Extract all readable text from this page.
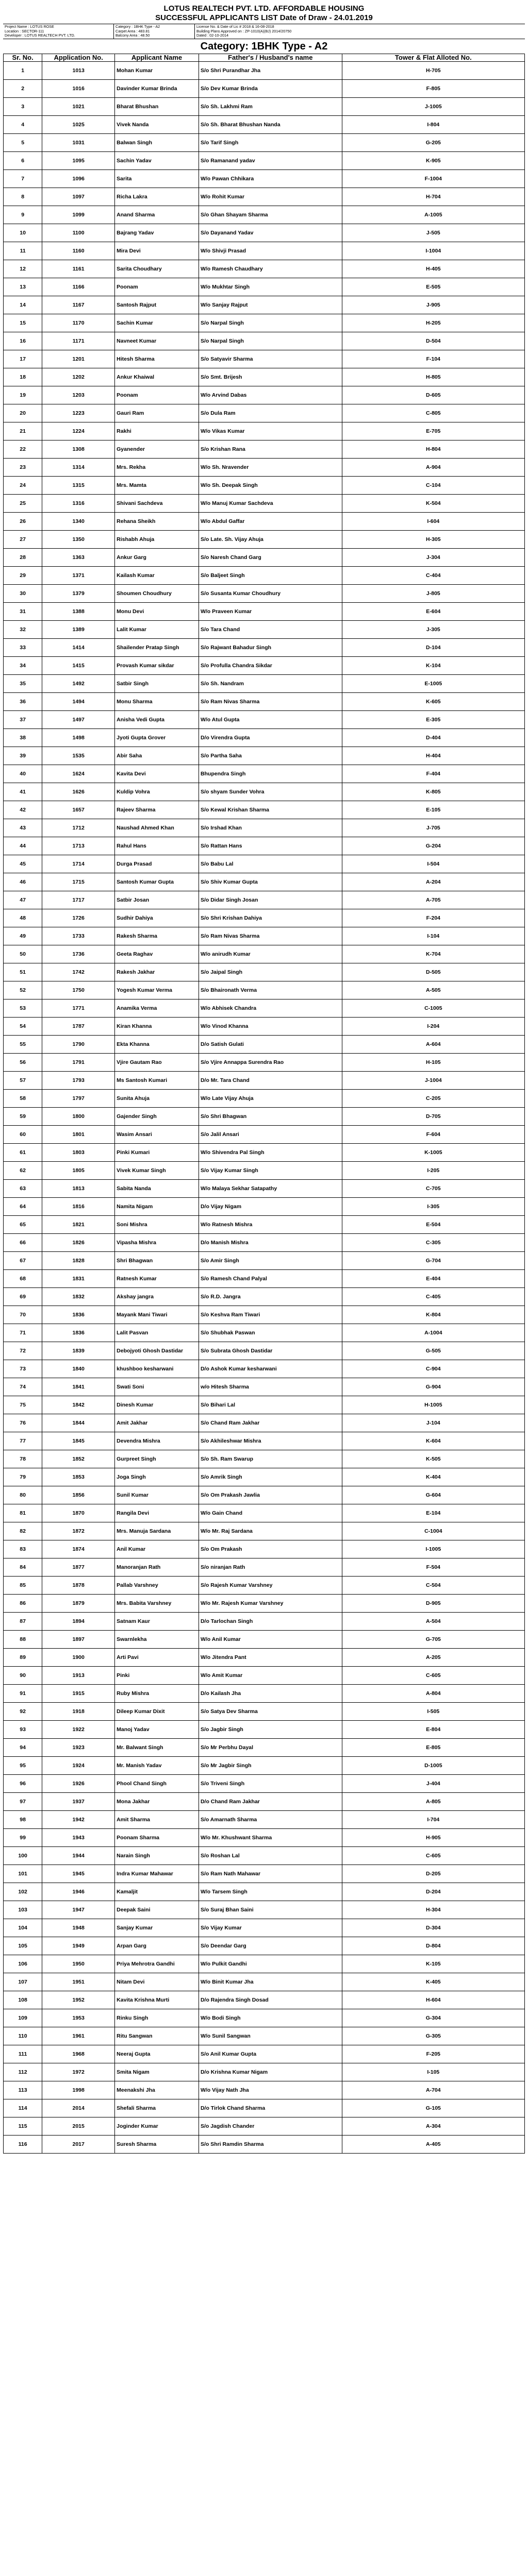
LOTUS REALTECH PVT. LTD. AFFORDABLE HOUSING
SUCCESSFUL APPLICANTS LIST Date of Draw - 24.01.2019
Project Name : LOTUS ROSE
Location : SECTOR-111
Developer : LOTUS REALTECH PVT. LTD.
Category : 1BHK Type - A2
Carpet Area : 483.81
Balcony Area : 48.50
License No. & Date of Lic # 2018 & 16-08-2018
Building Plans Approved on : ZP-1010(A)(BJ) 2014/20750
Dated : 02-10-2014
Category: 1BHK Type - A2
Sr. No.	Application No.	Applicant Name	Father's / Husband's name	Tower & Flat Alloted No.
1	1013	Mohan Kumar	S/o Shri Purandhar Jha	H-705
2	1016	Davinder Kumar Brinda	S/o Dev Kumar Brinda	F-805
3	1021	Bharat Bhushan	S/o Sh. Lakhmi Ram	J-1005
4	1025	Vivek Nanda	S/o Sh. Bharat Bhushan Nanda	I-804
5	1031	Balwan Singh	S/o Tarif Singh	G-205
6	1095	Sachin Yadav	S/o Ramanand yadav	K-905
7	1096	Sarita	W/o Pawan Chhikara	F-1004
8	1097	Richa Lakra	W/o Rohit Kumar	H-704
9	1099	Anand Sharma	S/o Ghan Shayam Sharma	A-1005
10	1100	Bajrang Yadav	S/o Dayanand Yadav	J-505
11	1160	Mira Devi	W/o Shivji Prasad	I-1004
12	1161	Sarita Choudhary	W/o Ramesh Chaudhary	H-405
13	1166	Poonam	W/o Mukhtar Singh	E-505
14	1167	Santosh Rajput	W/o Sanjay Rajput	J-905
15	1170	Sachin Kumar	S/o Narpal Singh	H-205
16	1171	Navneet Kumar	S/o Narpal Singh	D-504
17	1201	Hitesh Sharma	S/o Satyavir Sharma	F-104
18	1202	Ankur Khaiwal	S/o Smt. Brijesh	H-805
19	1203	Poonam	W/o Arvind Dabas	D-605
20	1223	Gauri Ram	S/o Dula Ram	C-805
21	1224	Rakhi	W/o Vikas Kumar	E-705
22	1308	Gyanender	S/o Krishan Rana	H-804
23	1314	Mrs. Rekha	W/o Sh. Nravender	A-904
24	1315	Mrs. Mamta	W/o Sh. Deepak Singh	C-104
25	1316	Shivani Sachdeva	W/o Manuj Kumar Sachdeva	K-504
26	1340	Rehana Sheikh	W/o Abdul Gaffar	I-604
27	1350	Rishabh Ahuja	S/o Late. Sh. Vijay Ahuja	H-305
28	1363	Ankur Garg	S/o Naresh Chand Garg	J-304
29	1371	Kailash Kumar	S/o Baljeet Singh	C-404
30	1379	Shoumen Choudhury	S/o Susanta Kumar Choudhury	J-805
31	1388	Monu Devi	W/o Praveen Kumar	E-604
32	1389	Lalit Kumar	S/o Tara Chand	J-305
33	1414	Shailender Pratap Singh	S/o Rajwant Bahadur Singh	D-104
34	1415	Provash Kumar sikdar	S/o Profulla Chandra Sikdar	K-104
35	1492	Satbir Singh	S/o Sh. Nandram	E-1005
36	1494	Monu Sharma	S/o Ram Nivas Sharma	K-605
37	1497	Anisha Vedi Gupta	W/o Atul Gupta	E-305
38	1498	Jyoti Gupta Grover	D/o Virendra Gupta	D-404
39	1535	Abir Saha	S/o Partha Saha	H-404
40	1624	Kavita Devi	Bhupendra Singh	F-404
41	1626	Kuldip Vohra	S/o shyam Sunder Vohra	K-805
42	1657	Rajeev Sharma	S/o Kewal Krishan Sharma	E-105
43	1712	Naushad Ahmed Khan	S/o Irshad Khan	J-705
44	1713	Rahul Hans	S/o Rattan Hans	G-204
45	1714	Durga Prasad	S/o Babu Lal	I-504
46	1715	Santosh Kumar Gupta	S/o Shiv Kumar Gupta	A-204
47	1717	Satbir Josan	S/o Didar Singh Josan	A-705
48	1726	Sudhir Dahiya	S/o Shri Krishan Dahiya	F-204
49	1733	Rakesh Sharma	S/o Ram Nivas Sharma	I-104
50	1736	Geeta Raghav	W/o anirudh Kumar	K-704
51	1742	Rakesh Jakhar	S/o Jaipal Singh	D-505
52	1750	Yogesh Kumar Verma	S/o Bhaironath Verma	A-505
53	1771	Anamika Verma	W/o Abhisek Chandra	C-1005
54	1787	Kiran Khanna	W/o Vinod Khanna	I-204
55	1790	Ekta Khanna	D/o Satish Gulati	A-604
56	1791	Vjire Gautam Rao	S/o Vjire Annappa Surendra Rao	H-105
57	1793	Ms Santosh Kumari	D/o Mr. Tara Chand	J-1004
58	1797	Sunita Ahuja	W/o Late Vijay Ahuja	C-205
59	1800	Gajender Singh	S/o Shri Bhagwan	D-705
60	1801	Wasim Ansari	S/o Jalil Ansari	F-604
61	1803	Pinki Kumari	W/o Shivendra Pal Singh	K-1005
62	1805	Vivek Kumar Singh	S/o Vijay Kumar Singh	I-205
63	1813	Sabita Nanda	W/o Malaya Sekhar Satapathy	C-705
64	1816	Namita Nigam	D/o Vijay Nigam	I-305
65	1821	Soni Mishra	W/o Ratnesh Mishra	E-504
66	1826	Vipasha Mishra	D/o Manish Mishra	C-305
67	1828	Shri Bhagwan	S/o Amir Singh	G-704
68	1831	Ratnesh Kumar	S/o Ramesh Chand Palyal	E-404
69	1832	Akshay jangra	S/o R.D. Jangra	C-405
70	1836	Mayank Mani Tiwari	S/o Keshva Ram Tiwari	K-804
71	1836	Lalit Pasvan	S/o Shubhak Paswan	A-1004
72	1839	Debojyoti Ghosh Dastidar	S/o Subrata Ghosh Dastidar	G-505
73	1840	khushboo kesharwani	D/o Ashok Kumar kesharwani	C-904
74	1841	Swati Soni	w/o Hitesh Sharma	G-904
75	1842	Dinesh Kumar	S/o Bihari Lal	H-1005
76	1844	Amit Jakhar	S/o Chand Ram Jakhar	J-104
77	1845	Devendra Mishra	S/o Akhileshwar Mishra	K-604
78	1852	Gurpreet Singh	S/o Sh. Ram Swarup	K-505
79	1853	Joga Singh	S/o Amrik Singh	K-404
80	1856	Sunil Kumar	S/o Om Prakash Jawlia	G-604
81	1870	Rangila Devi	W/o Gain Chand	E-104
82	1872	Mrs. Manuja Sardana	W/o Mr. Raj Sardana	C-1004
83	1874	Anil Kumar	S/o Om Prakash	I-1005
84	1877	Manoranjan Rath	S/o niranjan Rath	F-504
85	1878	Pallab Varshney	S/o Rajesh Kumar Varshney	C-504
86	1879	Mrs. Babita Varshney	W/o Mr. Rajesh Kumar Varshney	D-905
87	1894	Satnam Kaur	D/o Tarlochan Singh	A-504
88	1897	Swarnlekha	W/o Anil Kumar	G-705
89	1900	Arti Pavi	W/o Jitendra Pant	A-205
90	1913	Pinki	W/o Amit Kumar	C-605
91	1915	Ruby Mishra	D/o Kailash Jha	A-804
92	1918	Dileep Kumar Dixit	S/o Satya Dev Sharma	I-505
93	1922	Manoj Yadav	S/o Jagbir Singh	E-804
94	1923	Mr. Balwant Singh	S/o Mr Perbhu Dayal	E-805
95	1924	Mr. Manish Yadav	S/o Mr Jagbir Singh	D-1005
96	1926	Phool Chand Singh	S/o Triveni Singh	J-404
97	1937	Mona Jakhar	D/o Chand Ram Jakhar	A-805
98	1942	Amit Sharma	S/o Amarnath Sharma	I-704
99	1943	Poonam Sharma	W/o Mr. Khushwant Sharma	H-905
100	1944	Narain Singh	S/o Roshan Lal	C-605
101	1945	Indra Kumar Mahawar	S/o Ram Nath Mahawar	D-205
102	1946	Kamaljit	W/o Tarsem Singh	D-204
103	1947	Deepak Saini	S/o Suraj Bhan Saini	H-304
104	1948	Sanjay Kumar	S/o Vijay Kumar	D-304
105	1949	Arpan Garg	S/o Deendar Garg	D-804
106	1950	Priya Mehrotra Gandhi	W/o Pulkit Gandhi	K-105
107	1951	Nitam Devi	W/o Binit Kumar Jha	K-405
108	1952	Kavita Krishna Murti	D/o Rajendra Singh Dosad	H-604
109	1953	Rinku Singh	W/o Bodi Singh	G-304
110	1961	Ritu Sangwan	W/o Sunil Sangwan	G-305
111	1968	Neeraj Gupta	S/o Anil Kumar Gupta	F-205
112	1972	Smita Nigam	D/o Krishna Kumar Nigam	I-105
113	1998	Meenakshi Jha	W/o Vijay Nath Jha	A-704
114	2014	Shefali Sharma	D/o Tirlok Chand Sharma	G-105
115	2015	Joginder Kumar	S/o Jagdish Chander	A-304
116	2017	Suresh Sharma	S/o Shri Ramdin Sharma	A-405
